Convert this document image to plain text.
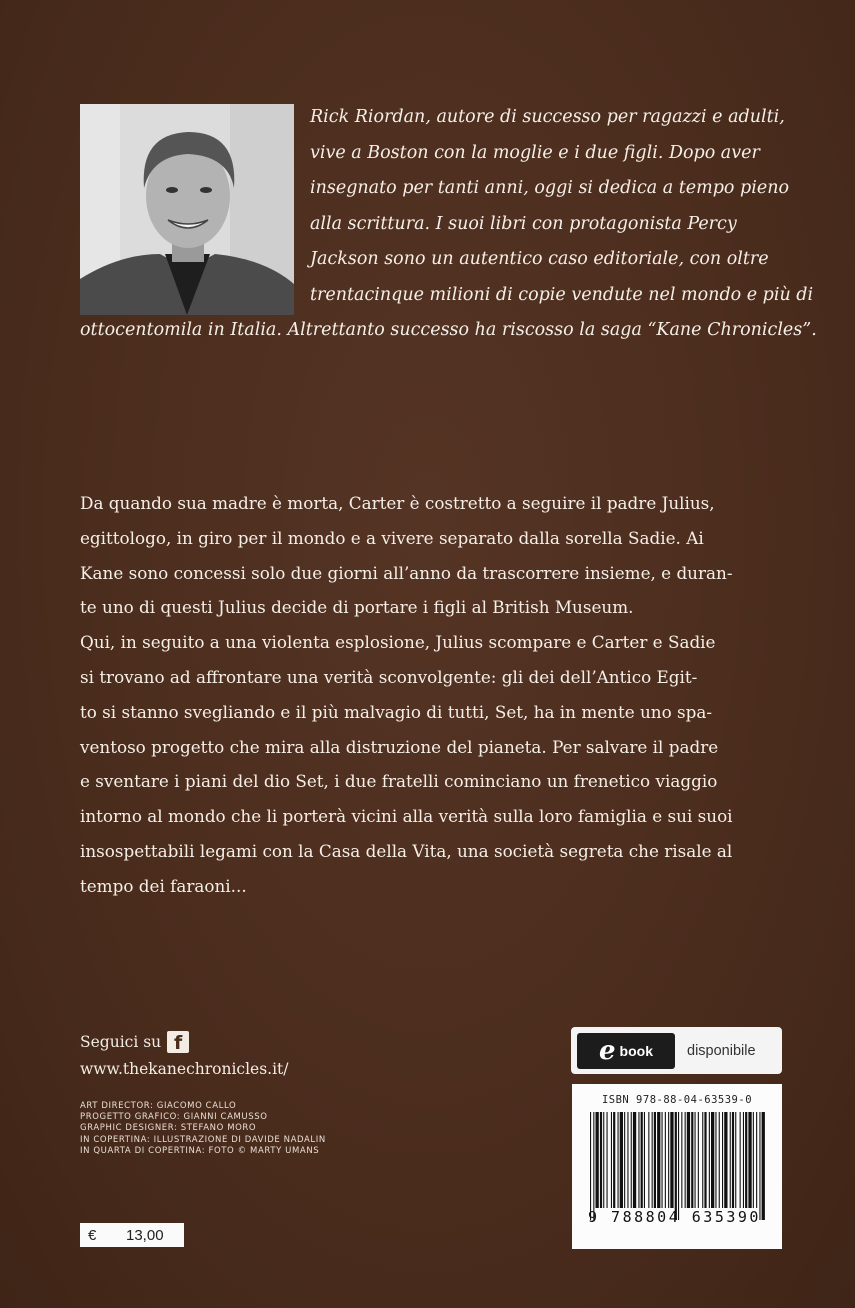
Rick Riordan, autore di successo per ragazzi e adulti,
vive a Boston con la moglie e i due figli. Dopo aver
insegnato per tanti anni, oggi si dedica a tempo pieno
alla scrittura. I suoi libri con protagonista Percy
Jackson sono un autentico caso editoriale, con oltre
trentacinque milioni di copie vendute nel mondo e più di
ottocentomila in Italia. Altrettanto successo ha riscosso la saga “Kane Chronicles”.
Da quando sua madre è morta, Carter è costretto a seguire il padre Julius,
egittologo, in giro per il mondo e a vivere separato dalla sorella Sadie. Ai
Kane sono concessi solo due giorni all’anno da trascorrere insieme, e duran-
te uno di questi Julius decide di portare i figli al British Museum.
Qui, in seguito a una violenta esplosione, Julius scompare e Carter e Sadie
si trovano ad affrontare una verità sconvolgente: gli dei dell’Antico Egit-
to si stanno svegliando e il più malvagio di tutti, Set, ha in mente uno spa-
ventoso progetto che mira alla distruzione del pianeta. Per salvare il padre
e sventare i piani del dio Set, i due fratelli cominciano un frenetico viaggio
intorno al mondo che li porterà vicini alla verità sulla loro famiglia e sui suoi
insospettabili legami con la Casa della Vita, una società segreta che risale al
tempo dei faraoni...
Seguici su f
www.thekanechronicles.it/
ART DIRECTOR: GIACOMO CALLO
PROGETTO GRAFICO: GIANNI CAMUSSO
GRAPHIC DESIGNER: STEFANO MORO
IN COPERTINA: ILLUSTRAZIONE DI DAVIDE NADALIN
IN QUARTA DI COPERTINA: FOTO © MARTY UMANS
€	13,00
e book disponibile
ISBN 978-88-04-63539-0
9 788804 635390
